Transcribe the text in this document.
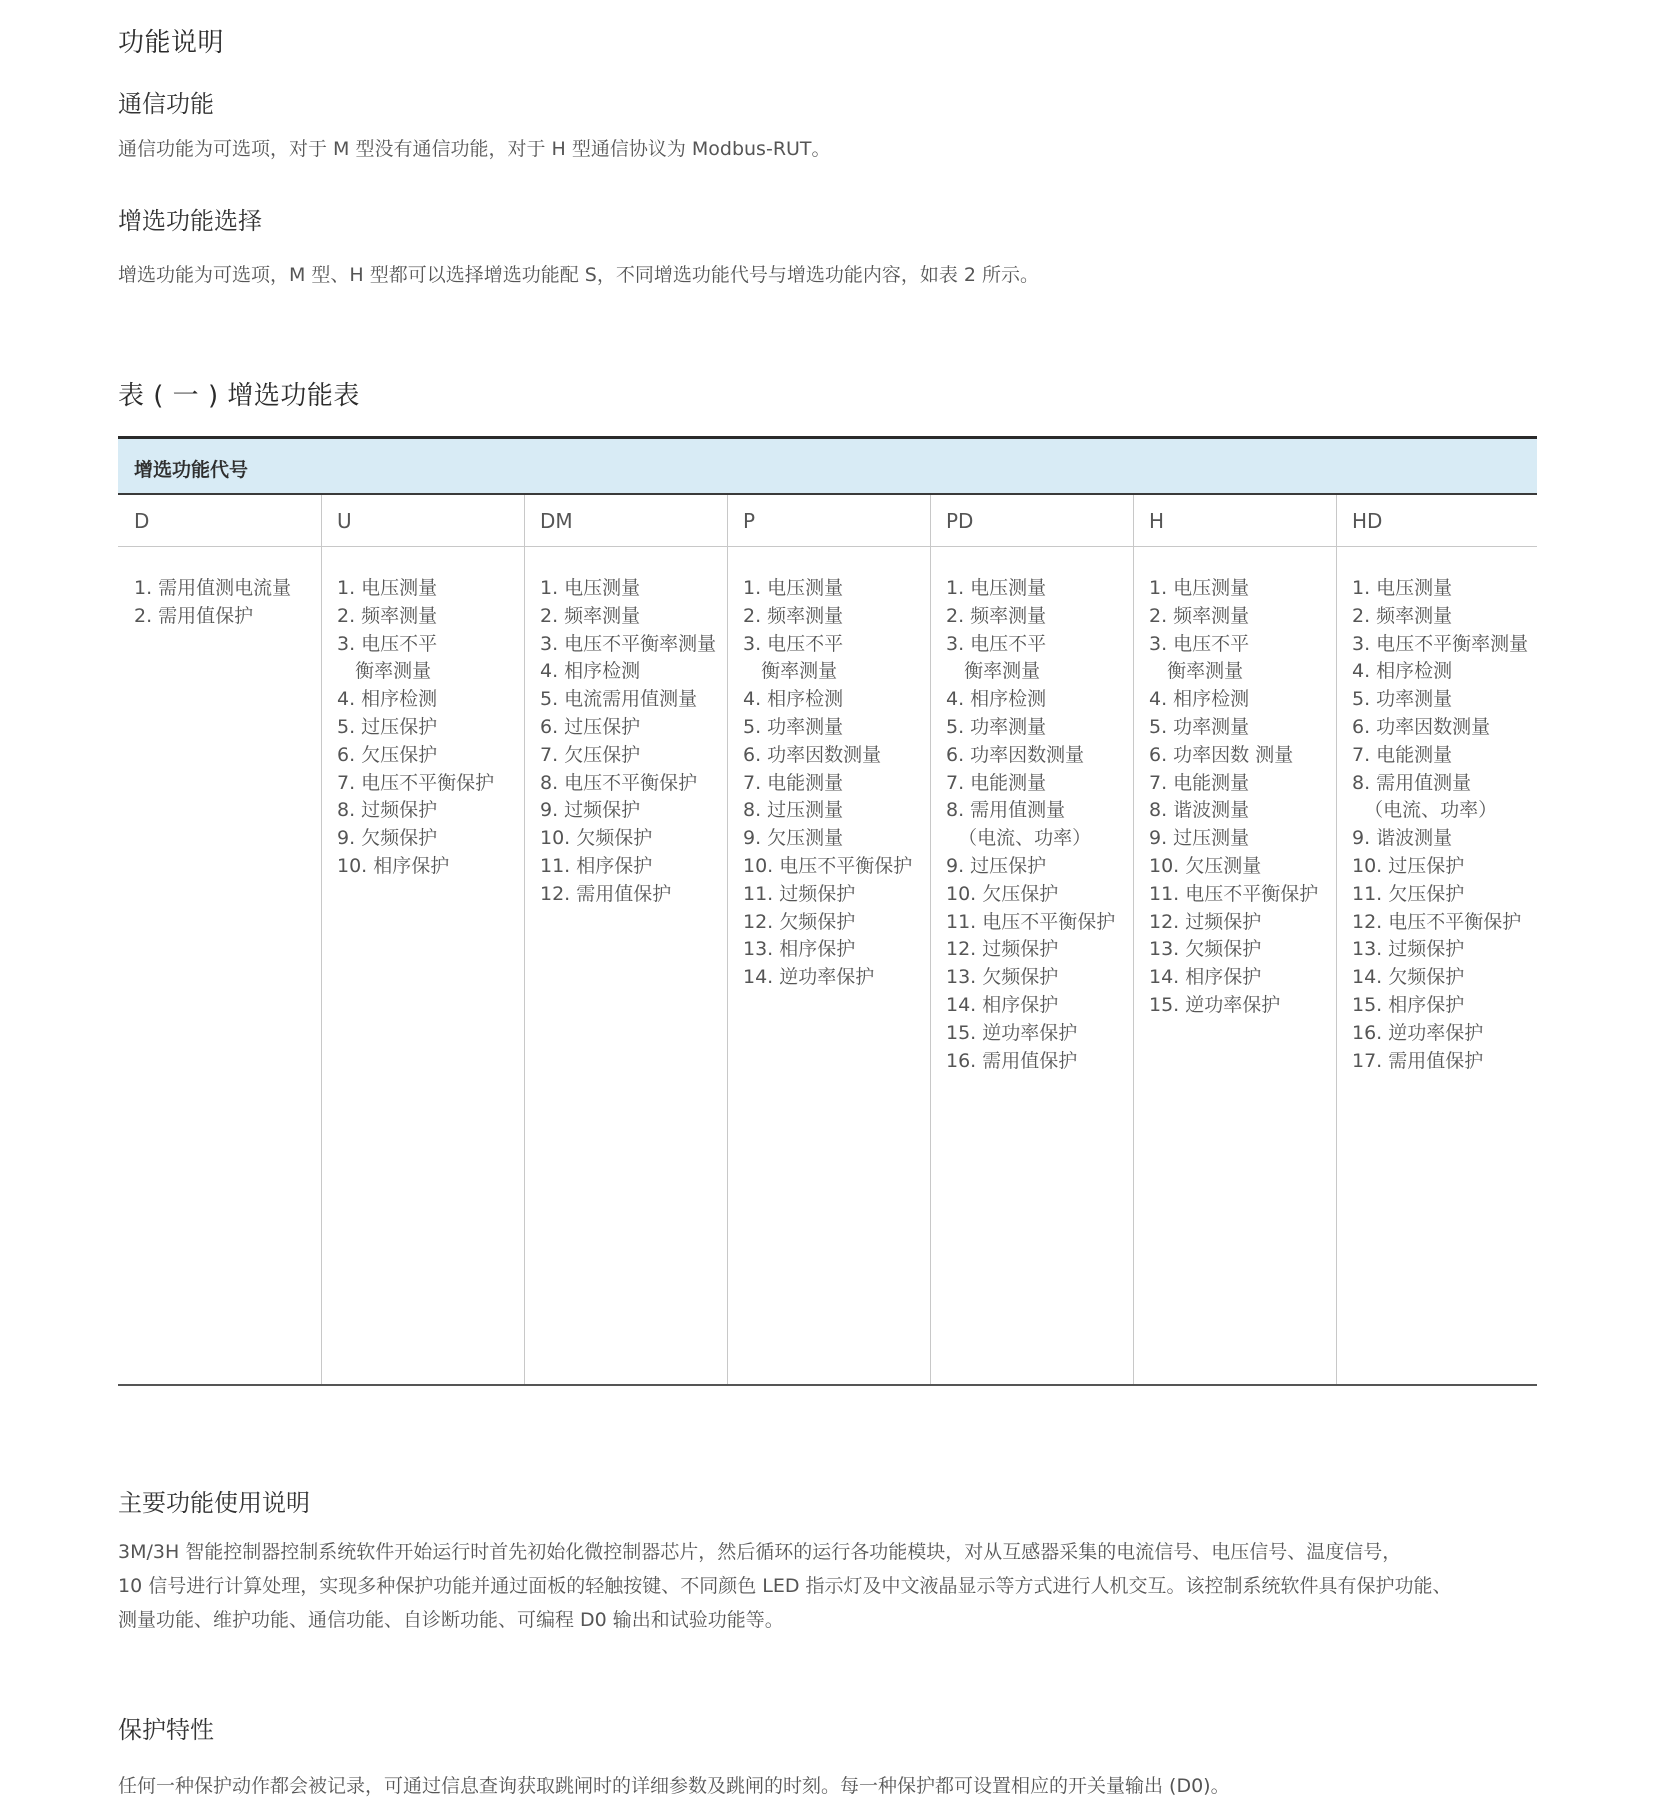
功能说明
通信功能
通信功能为可选项，对于 M 型没有通信功能，对于 H 型通信协议为 Modbus-RUT。
增选功能选择
增选功能为可选项，M 型、H 型都可以选择增选功能配 S，不同增选功能代号与增选功能内容，如表 2 所示。
表 ( 一 ) 增选功能表
增选功能代号
D
1. 需用值测电流量
2. 需用值保护
U
1. 电压测量
2. 频率测量
3. 电压不平
衡率测量
4. 相序检测
5. 过压保护
6. 欠压保护
7. 电压不平衡保护
8. 过频保护
9. 欠频保护
10. 相序保护
DM
1. 电压测量
2. 频率测量
3. 电压不平衡率测量
4. 相序检测
5. 电流需用值测量
6. 过压保护
7. 欠压保护
8. 电压不平衡保护
9. 过频保护
10. 欠频保护
11. 相序保护
12. 需用值保护
P
1. 电压测量
2. 频率测量
3. 电压不平
衡率测量
4. 相序检测
5. 功率测量
6. 功率因数测量
7. 电能测量
8. 过压测量
9. 欠压测量
10. 电压不平衡保护
11. 过频保护
12. 欠频保护
13. 相序保护
14. 逆功率保护
PD
1. 电压测量
2. 频率测量
3. 电压不平
衡率测量
4. 相序检测
5. 功率测量
6. 功率因数测量
7. 电能测量
8. 需用值测量
（电流、功率）
9. 过压保护
10. 欠压保护
11. 电压不平衡保护
12. 过频保护
13. 欠频保护
14. 相序保护
15. 逆功率保护
16. 需用值保护
H
1. 电压测量
2. 频率测量
3. 电压不平
衡率测量
4. 相序检测
5. 功率测量
6. 功率因数 测量
7. 电能测量
8. 谐波测量
9. 过压测量
10. 欠压测量
11. 电压不平衡保护
12. 过频保护
13. 欠频保护
14. 相序保护
15. 逆功率保护
HD
1. 电压测量
2. 频率测量
3. 电压不平衡率测量
4. 相序检测
5. 功率测量
6. 功率因数测量
7. 电能测量
8. 需用值测量
（电流、功率）
9. 谐波测量
10. 过压保护
11. 欠压保护
12. 电压不平衡保护
13. 过频保护
14. 欠频保护
15. 相序保护
16. 逆功率保护
17. 需用值保护
主要功能使用说明
3M/3H 智能控制器控制系统软件开始运行时首先初始化微控制器芯片，然后循环的运行各功能模块，对从互感器采集的电流信号、电压信号、温度信号，
10 信号进行计算处理，实现多种保护功能并通过面板的轻触按键、不同颜色 LED 指示灯及中文液晶显示等方式进行人机交互。该控制系统软件具有保护功能、
测量功能、维护功能、通信功能、自诊断功能、可编程 D0 输出和试验功能等。
保护特性
任何一种保护动作都会被记录，可通过信息查询获取跳闸时的详细参数及跳闸的时刻。每一种保护都可设置相应的开关量输出 (D0)。
